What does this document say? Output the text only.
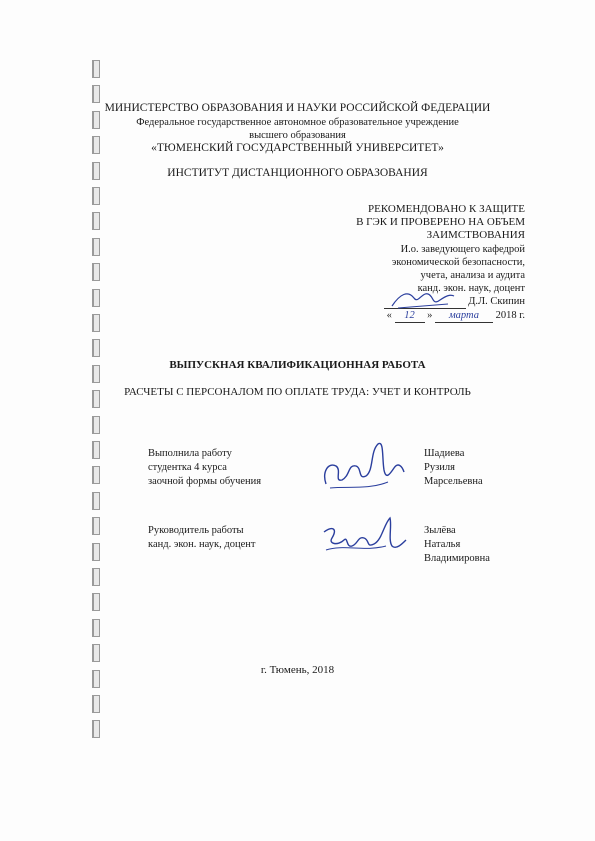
МИНИСТЕРСТВО ОБРАЗОВАНИЯ И НАУКИ РОССИЙСКОЙ ФЕДЕРАЦИИ
Федеральное государственное автономное образовательное учреждение
высшего образования
«ТЮМЕНСКИЙ ГОСУДАРСТВЕННЫЙ УНИВЕРСИТЕТ»
ИНСТИТУТ ДИСТАНЦИОННОГО ОБРАЗОВАНИЯ
РЕКОМЕНДОВАНО К ЗАЩИТЕ
В ГЭК И ПРОВЕРЕНО НА ОБЪЕМ
ЗАИМСТВОВАНИЯ
И.о. заведующего кафедрой
экономической безопасности,
учета, анализа и аудита
канд. экон. наук, доцент
Д.Л. Скипин
« 12 » марта 2018 г.
ВЫПУСКНАЯ КВАЛИФИКАЦИОННАЯ РАБОТА
РАСЧЕТЫ С ПЕРСОНАЛОМ ПО ОПЛАТЕ ТРУДА: УЧЕТ И КОНТРОЛЬ
Выполнила работу
студентка 4 курса
заочной формы обучения
Шадиева
Рузиля
Марсельевна
Руководитель работы
канд. экон. наук, доцент
Зылёва
Наталья
Владимировна
г. Тюмень, 2018
